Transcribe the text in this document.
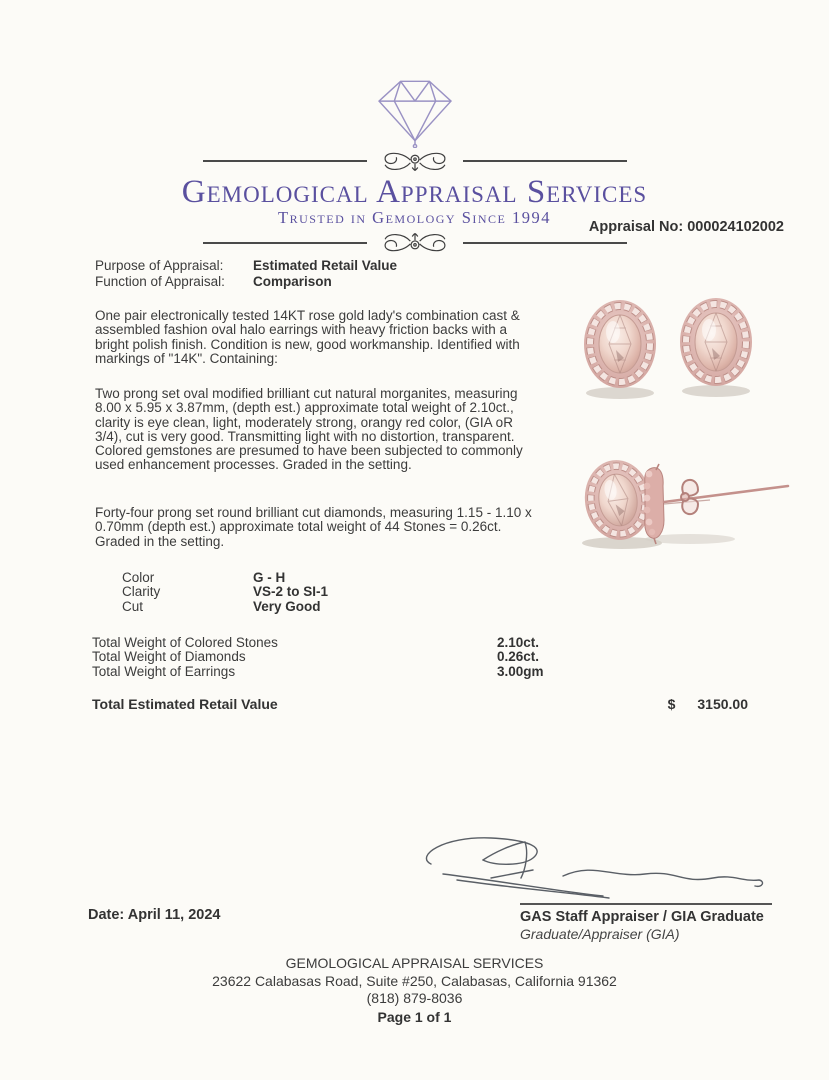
Gemological Appraisal Services
Trusted in Gemology Since 1994	Appraisal No: 000024102002
Purpose of Appraisal:	Estimated Retail Value
Function of Appraisal:	Comparison
One pair electronically tested 14KT rose gold lady's combination cast & assembled fashion oval halo earrings with heavy friction backs with a bright polish finish. Condition is new, good workmanship. Identified with markings of "14K". Containing:
Two prong set oval modified brilliant cut natural morganites, measuring 8.00 x 5.95 x 3.87mm, (depth est.) approximate total weight of 2.10ct., clarity is eye clean, light, moderately strong, orangy red color, (GIA oR 3/4), cut is very good. Transmitting light with no distortion, transparent. Colored gemstones are presumed to have been subjected to commonly used enhancement processes. Graded in the setting.
Forty-four prong set round brilliant cut diamonds, measuring 1.15 - 1.10 x 0.70mm (depth est.) approximate total weight of 44 Stones = 0.26ct. Graded in the setting.
Color	G - H
Clarity	VS-2 to SI-1
Cut	Very Good
Total Weight of Colored Stones	2.10ct.
Total Weight of Diamonds	0.26ct.
Total Weight of Earrings	3.00gm
Total Estimated Retail Value	$ 3150.00
Date: April 11, 2024	GAS Staff Appraiser / GIA Graduate
Graduate/Appraiser (GIA)
GEMOLOGICAL APPRAISAL SERVICES
23622 Calabasas Road, Suite #250, Calabasas, California 91362
(818) 879-8036
Page 1 of 1
